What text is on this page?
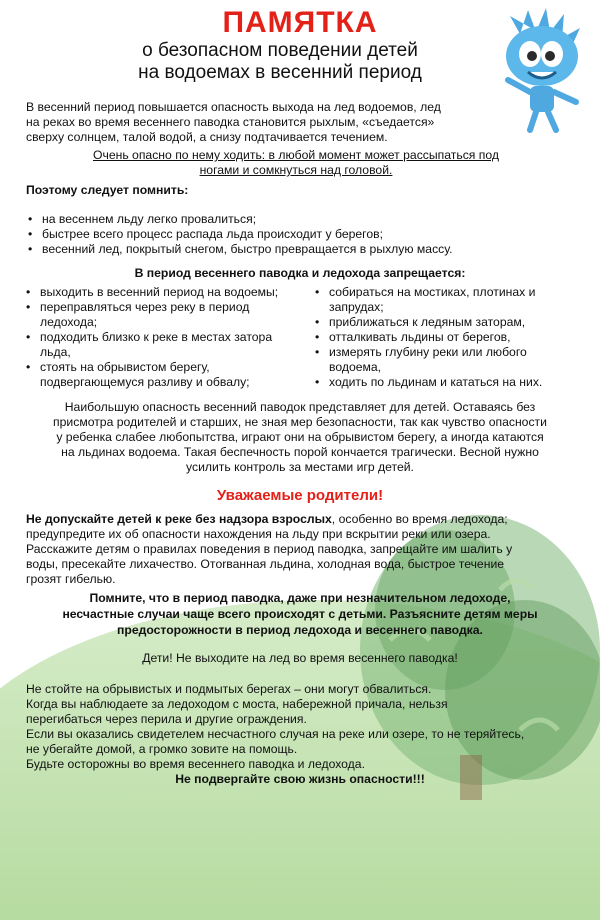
ПАМЯТКА
о безопасном поведении детей
на водоемах в весенний период
В весенний период повышается опасность выхода на лед водоемов, лед
на реках во время весеннего паводка становится рыхлым, «съедается»
сверху солнцем, талой водой, а снизу подтачивается течением.
Очень опасно по нему ходить: в любой момент может рассыпаться под
ногами и сомкнуться над головой.
Поэтому следует помнить:
• на весеннем льду легко провалиться;
• быстрее всего процесс распада льда происходит у берегов;
• весенний лед, покрытый снегом, быстро превращается в рыхлую массу.
В период весеннего паводка и ледохода запрещается:
• выходить в весенний период на водоемы;
• переправляться через реку в период ледохода;
• подходить близко к реке в местах затора льда,
• стоять на обрывистом берегу, подвергающемуся разливу и обвалу;
• собираться на мостиках, плотинах и запрудах;
• приближаться к ледяным заторам,
• отталкивать льдины от берегов,
• измерять глубину реки или любого водоема,
• ходить по льдинам и кататься на них.
Наибольшую опасность весенний паводок представляет для детей. Оставаясь без
присмотра родителей и старших, не зная мер безопасности, так как чувство опасности
у ребенка слабее любопытства, играют они на обрывистом берегу, а иногда катаются
на льдинах водоема. Такая беспечность порой кончается трагически. Весной нужно
усилить контроль за местами игр детей.
Уважаемые родители!
Не допускайте детей к реке без надзора взрослых, особенно во время ледохода;
предупредите их об опасности нахождения на льду при вскрытии реки или озера.
Расскажите детям о правилах поведения в период паводка, запрещайте им шалить у
воды, пресекайте лихачество. Отorванная льдина, холодная вода, быстрое течение
грозят гибелью.
Помните, что в период паводка, даже при незначительном ледоходе,
несчастные случаи чаще всего происходят с детьми. Разъясните детям меры
предосторожности в период ледохода и весеннего паводка.
Дети! Не выходите на лед во время весеннего паводка!
Не стойте на обрывистых и подмытых берегах – они могут обвалиться.
Когда вы наблюдаете за ледоходом с моста, набережной причала, нельзя
перегибаться через перила и другие ограждения.
Если вы оказались свидетелем несчастного случая на реке или озере, то не теряйтесь,
не убегайте домой, а громко зовите на помощь.
Будьте осторожны во время весеннего паводка и ледохода.
Не подвергайте свою жизнь опасности!!!
